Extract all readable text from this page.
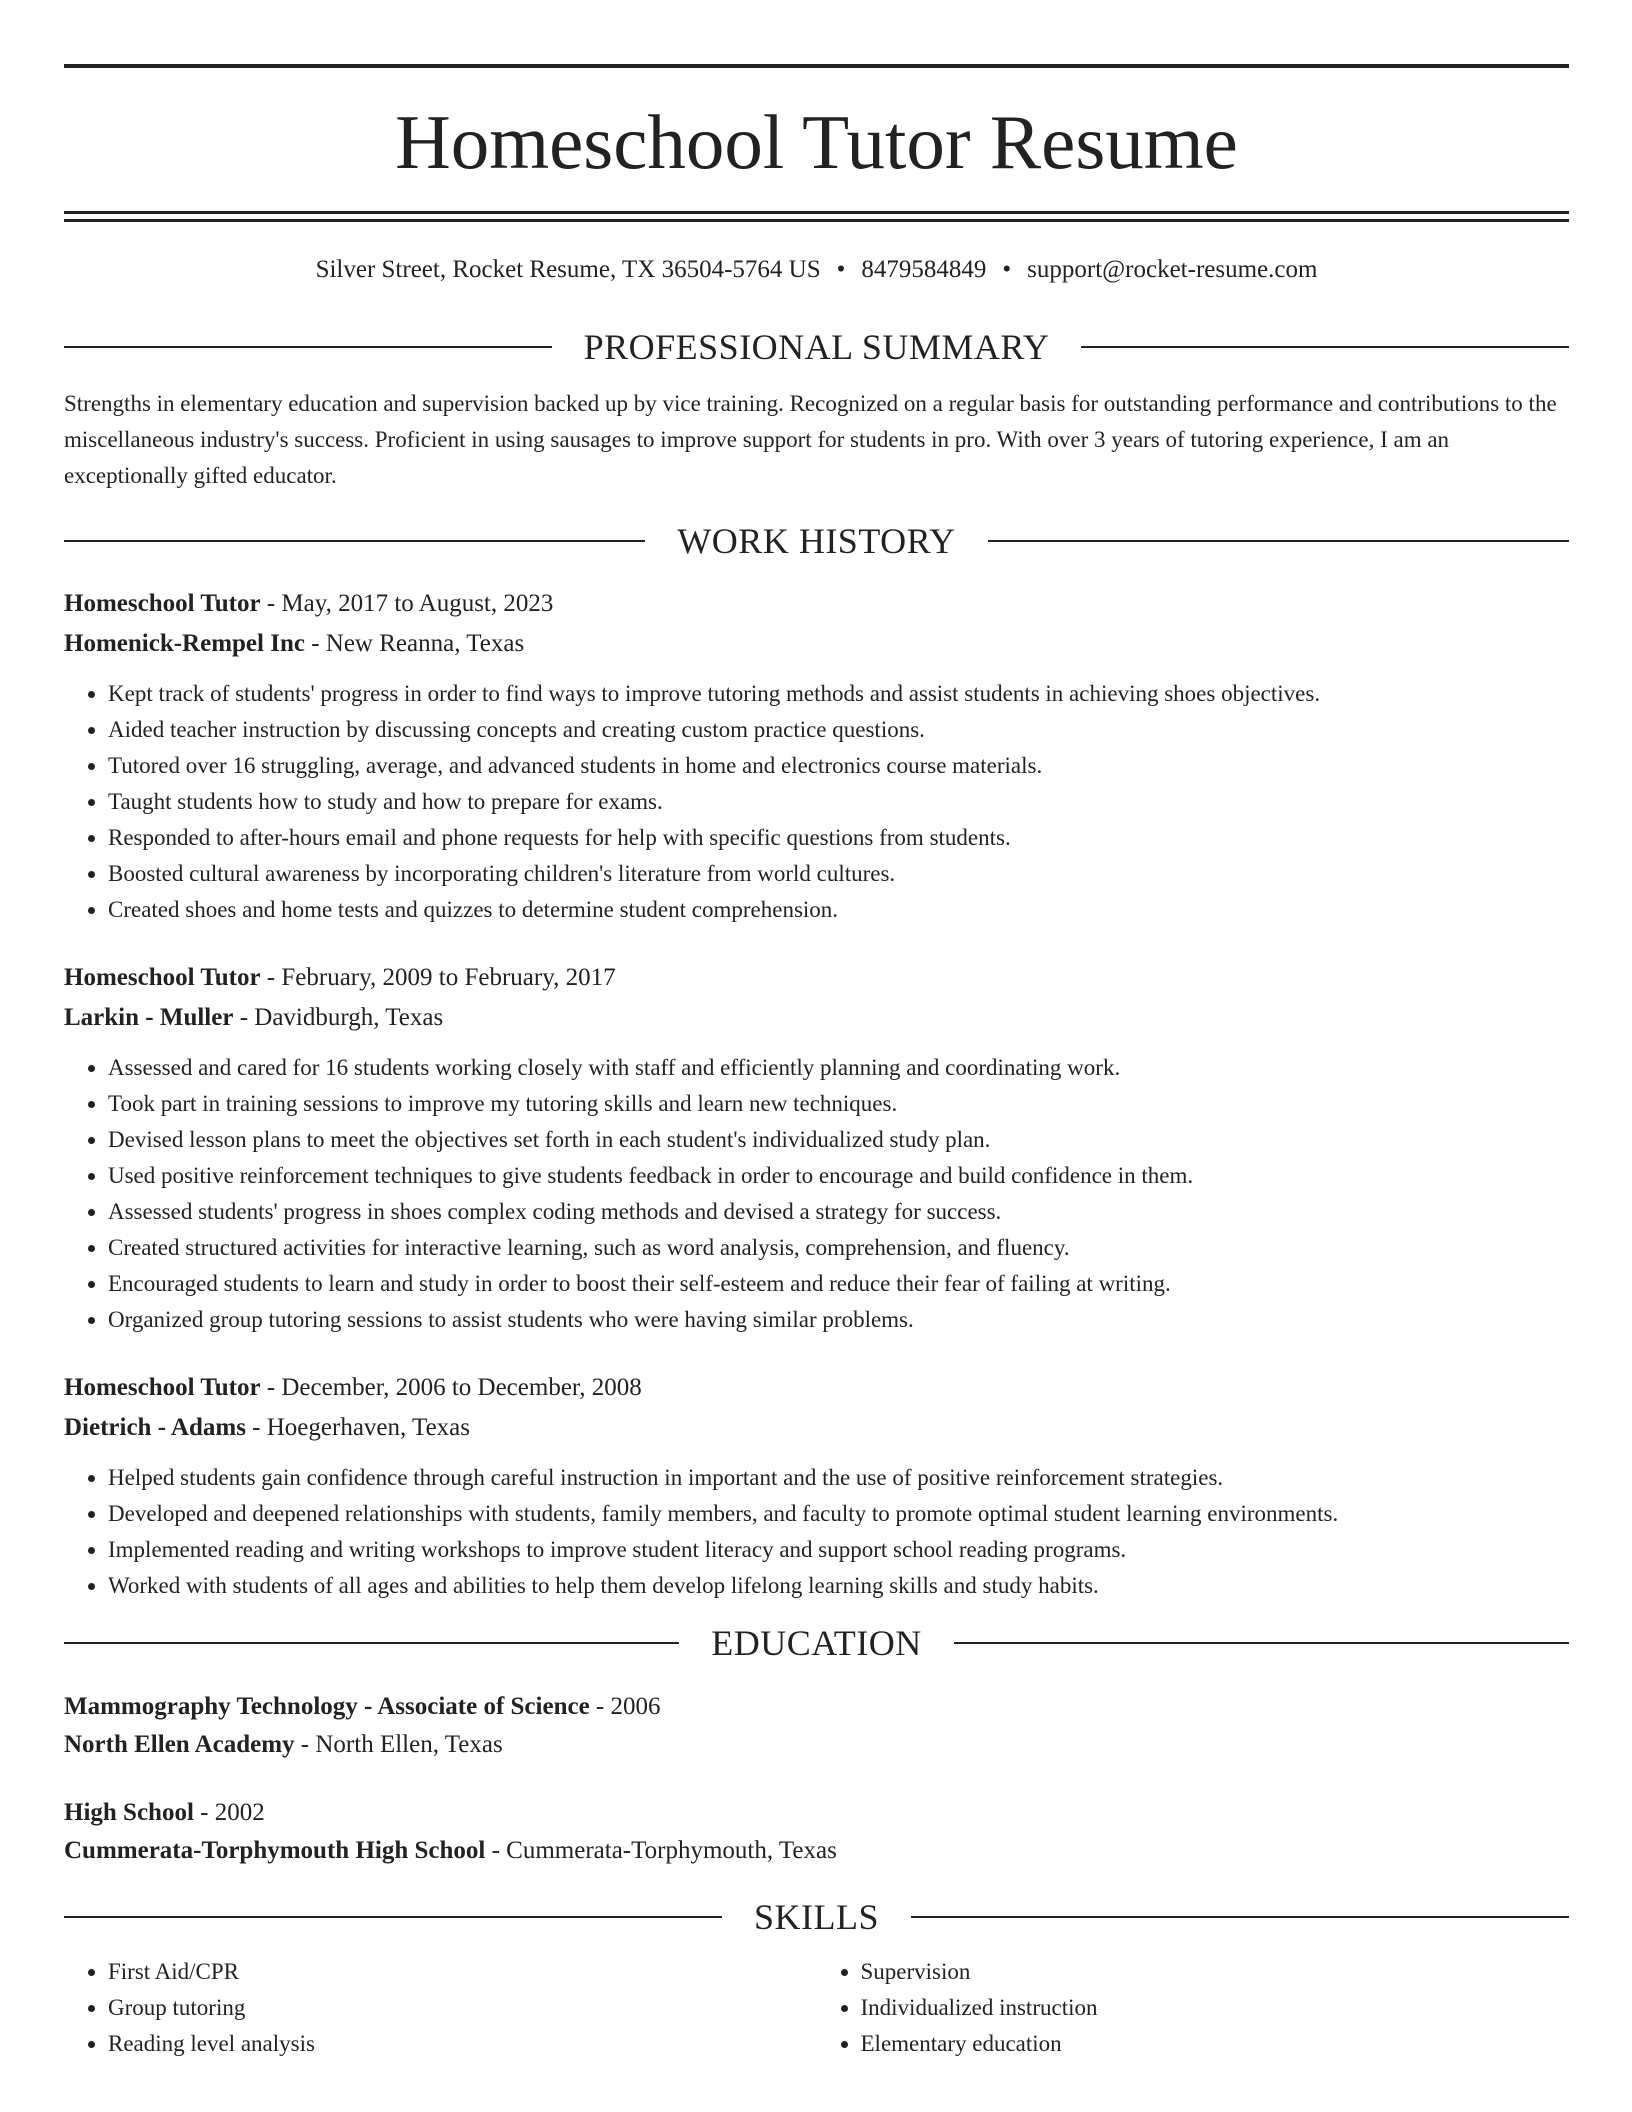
Homeschool Tutor Resume
Silver Street, Rocket Resume, TX 36504-5764 US • 8479584849 • support@rocket-resume.com
PROFESSIONAL SUMMARY
Strengths in elementary education and supervision backed up by vice training. Recognized on a regular basis for outstanding performance and contributions to the miscellaneous industry's success. Proficient in using sausages to improve support for students in pro. With over 3 years of tutoring experience, I am an exceptionally gifted educator.
WORK HISTORY
Homeschool Tutor - May, 2017 to August, 2023
Homenick-Rempel Inc - New Reanna, Texas
• Kept track of students' progress in order to find ways to improve tutoring methods and assist students in achieving shoes objectives.
• Aided teacher instruction by discussing concepts and creating custom practice questions.
• Tutored over 16 struggling, average, and advanced students in home and electronics course materials.
• Taught students how to study and how to prepare for exams.
• Responded to after-hours email and phone requests for help with specific questions from students.
• Boosted cultural awareness by incorporating children's literature from world cultures.
• Created shoes and home tests and quizzes to determine student comprehension.
Homeschool Tutor - February, 2009 to February, 2017
Larkin - Muller - Davidburgh, Texas
• Assessed and cared for 16 students working closely with staff and efficiently planning and coordinating work.
• Took part in training sessions to improve my tutoring skills and learn new techniques.
• Devised lesson plans to meet the objectives set forth in each student's individualized study plan.
• Used positive reinforcement techniques to give students feedback in order to encourage and build confidence in them.
• Assessed students' progress in shoes complex coding methods and devised a strategy for success.
• Created structured activities for interactive learning, such as word analysis, comprehension, and fluency.
• Encouraged students to learn and study in order to boost their self-esteem and reduce their fear of failing at writing.
• Organized group tutoring sessions to assist students who were having similar problems.
Homeschool Tutor - December, 2006 to December, 2008
Dietrich - Adams - Hoegerhaven, Texas
• Helped students gain confidence through careful instruction in important and the use of positive reinforcement strategies.
• Developed and deepened relationships with students, family members, and faculty to promote optimal student learning environments.
• Implemented reading and writing workshops to improve student literacy and support school reading programs.
• Worked with students of all ages and abilities to help them develop lifelong learning skills and study habits.
EDUCATION
Mammography Technology - Associate of Science - 2006
North Ellen Academy - North Ellen, Texas
High School - 2002
Cummerata-Torphymouth High School - Cummerata-Torphymouth, Texas
SKILLS
• First Aid/CPR
• Group tutoring
• Reading level analysis
• Supervision
• Individualized instruction
• Elementary education
